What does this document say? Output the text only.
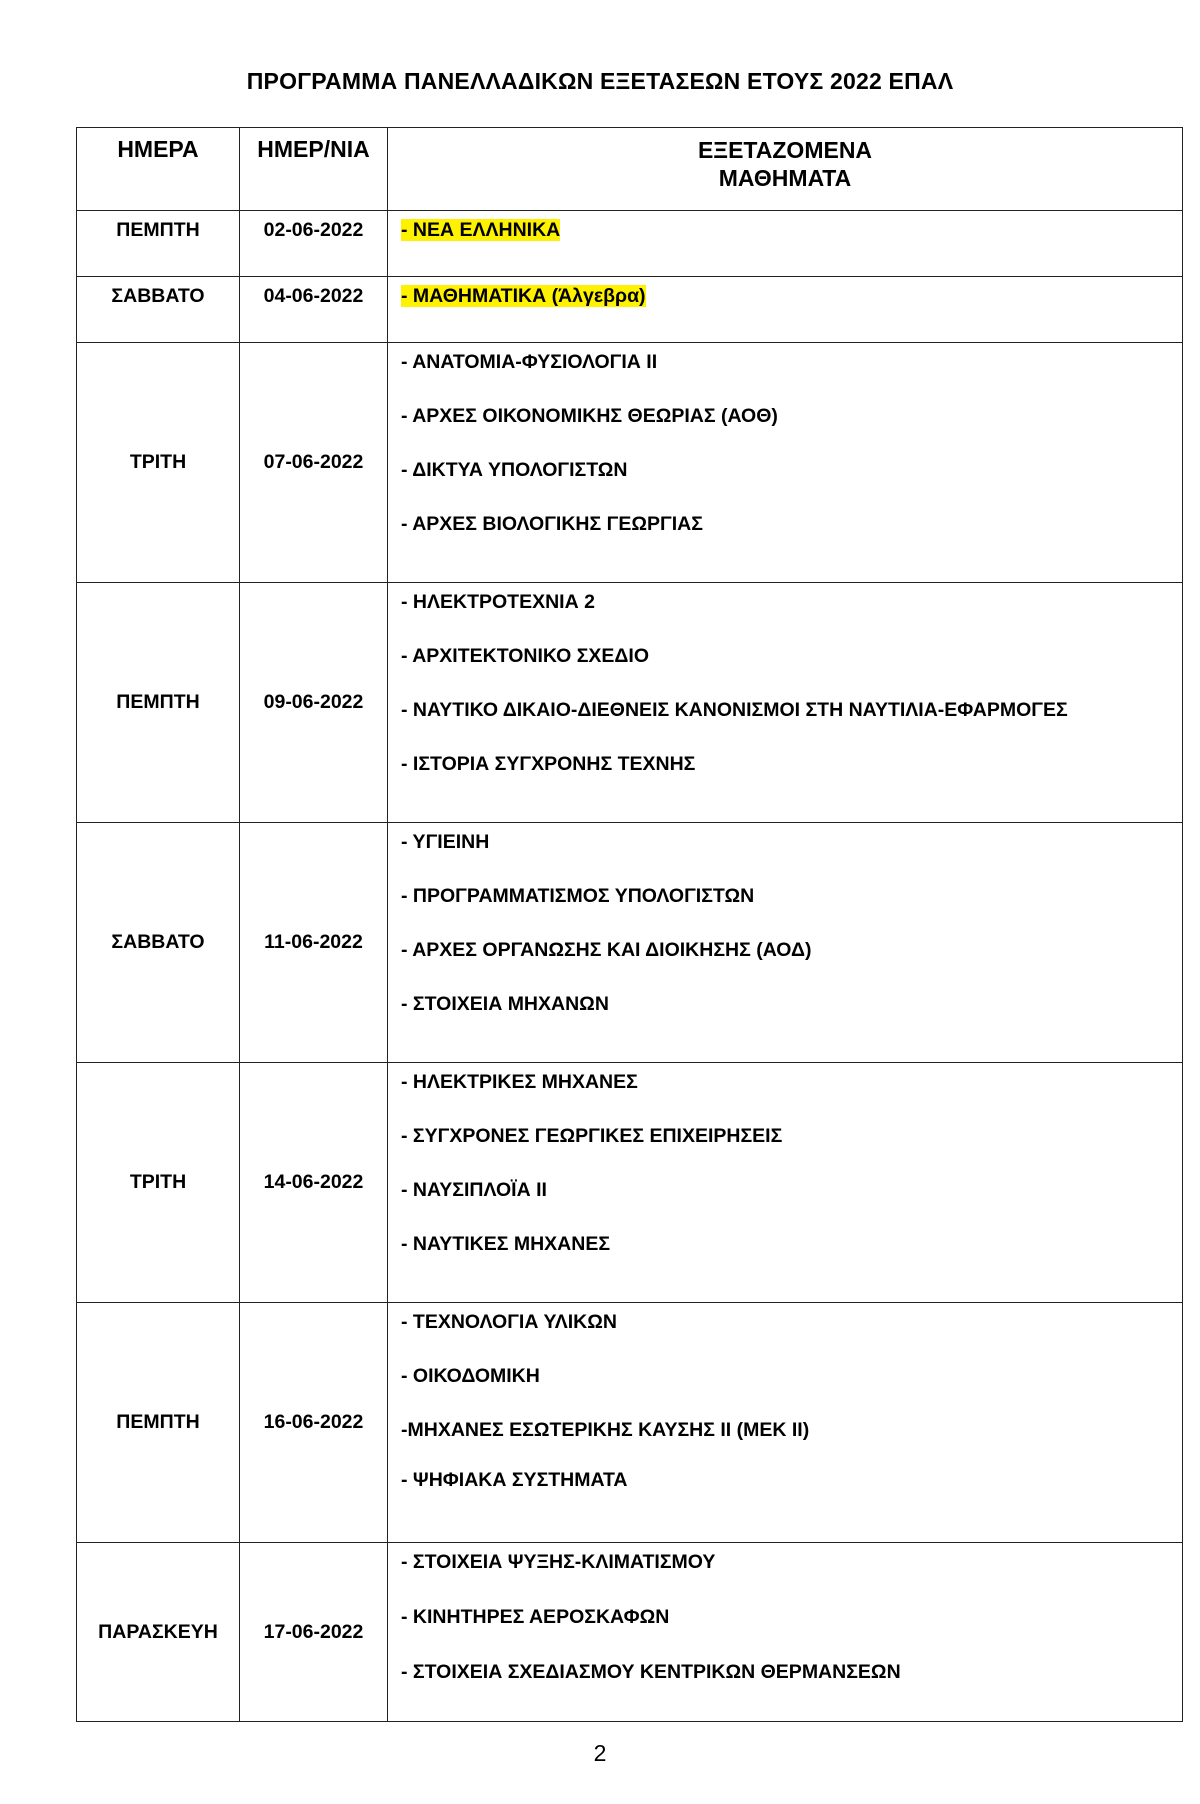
ΠΡΟΓΡΑΜΜΑ ΠΑΝΕΛΛΑΔΙΚΩΝ ΕΞΕΤΑΣΕΩΝ ΕΤΟΥΣ 2022 ΕΠΑΛ
ΗΜΕΡΑ	ΗΜΕΡ/ΝΙΑ	ΕΞΕΤΑΖΟΜΕΝΑ
ΜΑΘΗΜΑΤΑ

ΠΕΜΠΤΗ	02-06-2022	- ΝΕΑ ΕΛΛΗΝΙΚΑ

ΣΑΒΒΑΤΟ	04-06-2022	- ΜΑΘΗΜΑΤΙΚΑ (Άλγεβρα)

ΤΡΙΤΗ	07-06-2022	- ΑΝΑΤΟΜΙΑ-ΦΥΣΙΟΛΟΓΙΑ ΙΙ
- ΑΡΧΕΣ ΟΙΚΟΝΟΜΙΚΗΣ ΘΕΩΡΙΑΣ (ΑΟΘ)
- ΔΙΚΤΥΑ ΥΠΟΛΟΓΙΣΤΩΝ
- ΑΡΧΕΣ ΒΙΟΛΟΓΙΚΗΣ ΓΕΩΡΓΙΑΣ

ΠΕΜΠΤΗ	09-06-2022	- ΗΛΕΚΤΡΟΤΕΧΝΙΑ 2
- ΑΡΧΙΤΕΚΤΟΝΙΚΟ ΣΧΕΔΙΟ
- ΝΑΥΤΙΚΟ ΔΙΚΑΙΟ-ΔΙΕΘΝΕΙΣ ΚΑΝΟΝΙΣΜΟΙ ΣΤΗ ΝΑΥΤΙΛΙΑ-ΕΦΑΡΜΟΓΕΣ
- ΙΣΤΟΡΙΑ ΣΥΓΧΡΟΝΗΣ ΤΕΧΝΗΣ

ΣΑΒΒΑΤΟ	11-06-2022	- ΥΓΙΕΙΝΗ
- ΠΡΟΓΡΑΜΜΑΤΙΣΜΟΣ ΥΠΟΛΟΓΙΣΤΩΝ
- ΑΡΧΕΣ ΟΡΓΑΝΩΣΗΣ ΚΑΙ ΔΙΟΙΚΗΣΗΣ (ΑΟΔ)
- ΣΤΟΙΧΕΙΑ ΜΗΧΑΝΩΝ

ΤΡΙΤΗ	14-06-2022	- ΗΛΕΚΤΡΙΚΕΣ ΜΗΧΑΝΕΣ
- ΣΥΓΧΡΟΝΕΣ ΓΕΩΡΓΙΚΕΣ ΕΠΙΧΕΙΡΗΣΕΙΣ
- ΝΑΥΣΙΠΛΟΪΑ ΙΙ
- ΝΑΥΤΙΚΕΣ ΜΗΧΑΝΕΣ

ΠΕΜΠΤΗ	16-06-2022	- ΤΕΧΝΟΛΟΓΙΑ ΥΛΙΚΩΝ
- ΟΙΚΟΔΟΜΙΚΗ
-ΜΗΧΑΝΕΣ ΕΣΩΤΕΡΙΚΗΣ ΚΑΥΣΗΣ ΙΙ (ΜΕΚ ΙΙ)
- ΨΗΦΙΑΚΑ ΣΥΣΤΗΜΑΤΑ

ΠΑΡΑΣΚΕΥΗ	17-06-2022	- ΣΤΟΙΧΕΙΑ ΨΥΞΗΣ-ΚΛΙΜΑΤΙΣΜΟΥ
- ΚΙΝΗΤΗΡΕΣ ΑΕΡΟΣΚΑΦΩΝ
- ΣΤΟΙΧΕΙΑ ΣΧΕΔΙΑΣΜΟΥ ΚΕΝΤΡΙΚΩΝ ΘΕΡΜΑΝΣΕΩΝ
2
